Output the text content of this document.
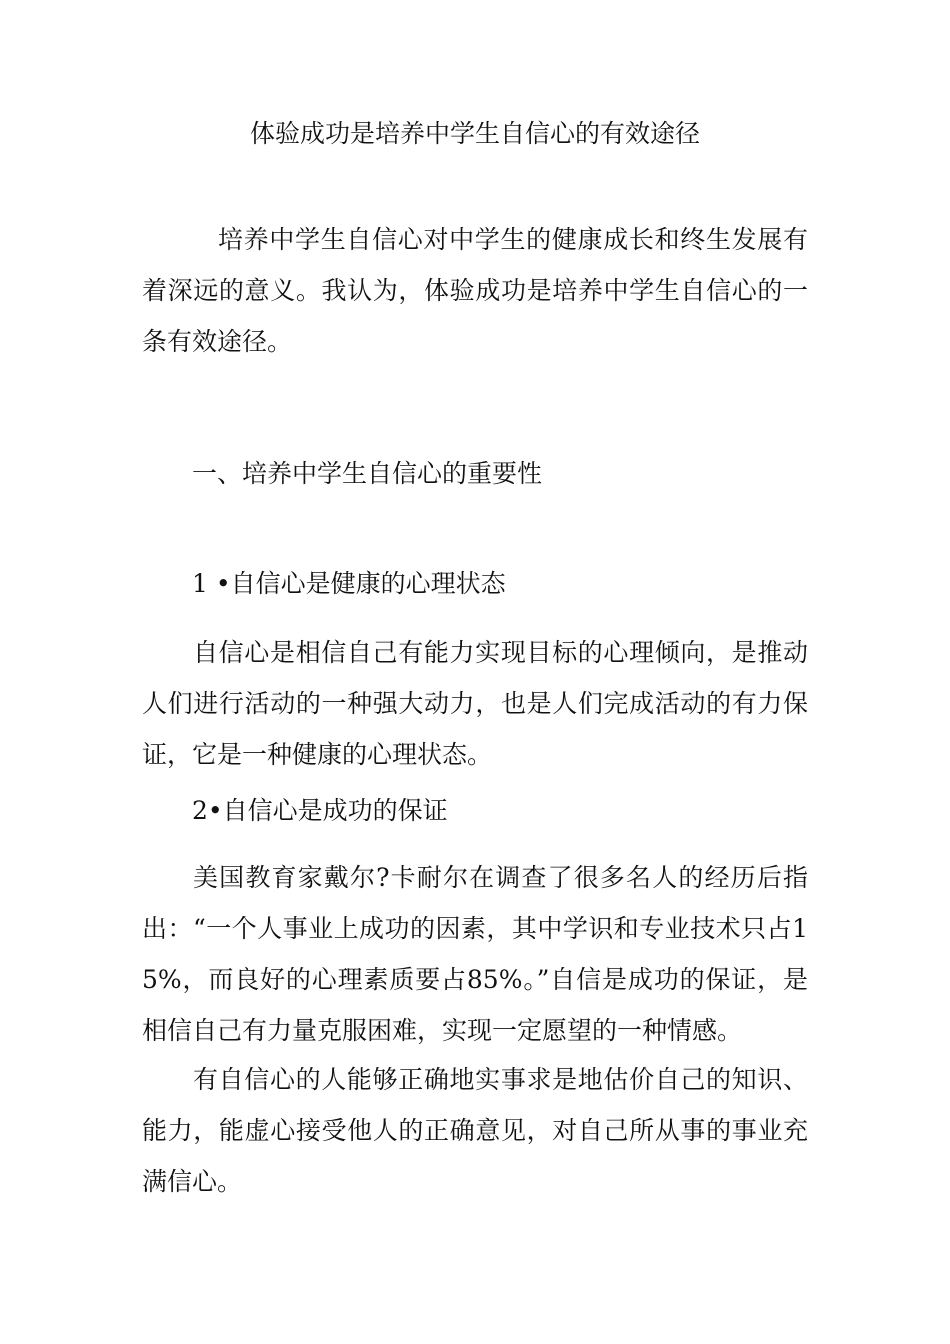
体验成功是培养中学生自信心的有效途径
培养中学生自信心对中学生的健康成长和终生发展有着深远的意义。我认为，体验成功是培养中学生自信心的一条有效途径。
一、培养中学生自信心的重要性
1 •自信心是健康的心理状态
自信心是相信自己有能力实现目标的心理倾向，是推动人们进行活动的一种强大动力，也是人们完成活动的有力保证，它是一种健康的心理状态。
2•自信心是成功的保证
美国教育家戴尔?卡耐尔在调查了很多名人的经历后指出：“一个人事业上成功的因素，其中学识和专业技术只占15%，而良好的心理素质要占85%。”自信是成功的保证，是相信自己有力量克服困难，实现一定愿望的一种情感。
有自信心的人能够正确地实事求是地估价自己的知识、能力，能虚心接受他人的正确意见，对自己所从事的事业充满信心。
